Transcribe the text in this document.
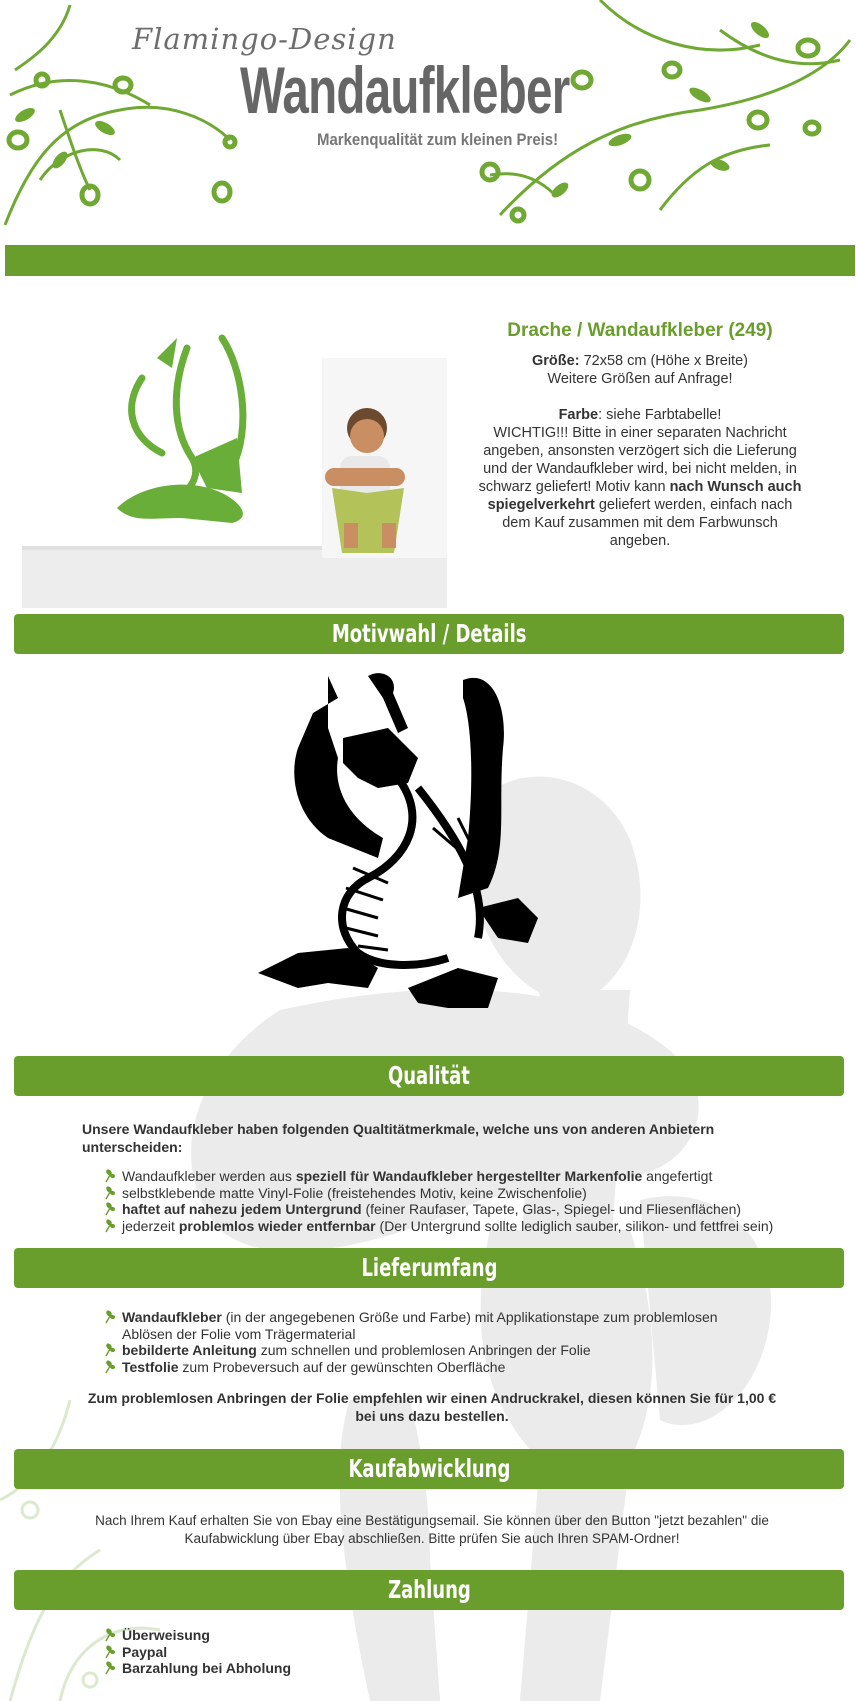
Flamingo-Design
Wandaufkleber
Markenqualität zum kleinen Preis!
Drache / Wandaufkleber (249)

Größe: 72x58 cm (Höhe x Breite)

Weitere Größen auf Anfrage!

Farbe: siehe Farbtabelle!

WICHTIG!!! Bitte in einer separaten Nachricht angeben, ansonsten verzögert sich die Lieferung und der Wandaufkleber wird, bei nicht melden, in schwarz geliefert! Motiv kann nach Wunsch auch spiegelverkehrt geliefert werden, einfach nach dem Kauf zusammen mit dem Farbwunsch angeben.

Motivwahl / Details
Qualität
Unsere Wandaufkleber haben folgenden Qualtitätmerkmale, welche uns von anderen Anbietern unterscheiden:
Wandaufkleber werden aus speziell für Wandaufkleber hergestellter Markenfolie angefertigt
selbstklebende matte Vinyl-Folie (freistehendes Motiv, keine Zwischenfolie)
haftet auf nahezu jedem Untergrund (feiner Raufaser, Tapete, Glas-, Spiegel- und Fliesenflächen)
jederzeit problemlos wieder entfernbar (Der Untergrund sollte lediglich sauber, silikon- und fettfrei sein)
Lieferumfang
Wandaufkleber (in der angegebenen Größe und Farbe) mit Applikationstape zum problemlosen Ablösen der Folie vom Trägermaterial
bebilderte Anleitung zum schnellen und problemlosen Anbringen der Folie
Testfolie zum Probeversuch auf der gewünschten Oberfläche
Zum problemlosen Anbringen der Folie empfehlen wir einen Andruckrakel, diesen können Sie für 1,00 € bei uns dazu bestellen.
Kaufabwicklung
Nach Ihrem Kauf erhalten Sie von Ebay eine Bestätigungsemail. Sie können über den Button "jetzt bezahlen" die Kaufabwicklung über Ebay abschließen. Bitte prüfen Sie auch Ihren SPAM-Ordner!
Zahlung
Überweisung
Paypal
Barzahlung bei Abholung
